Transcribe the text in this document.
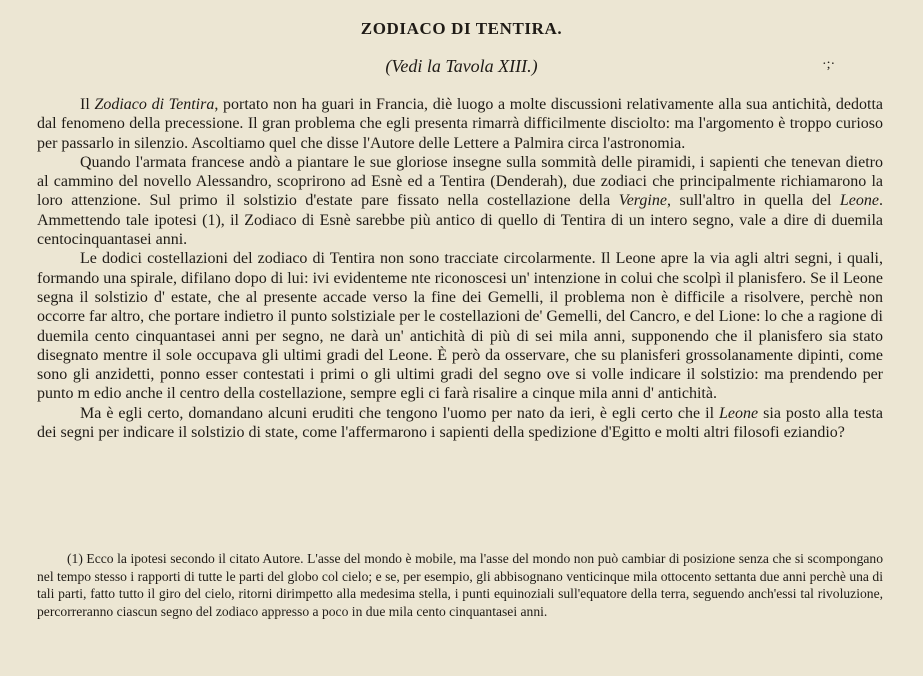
ZODIACO DI TENTIRA.
(Vedi la Tavola XIII.)	·;·

Il Zodiaco di Tentira, portato non ha guari in Francia, diè luogo a molte discussioni relativamente alla sua antichità, dedotta dal fenomeno della precessione. Il gran problema che egli presenta rimarrà difficilmente disciolto: ma l'argomento è troppo curioso per passarlo in silenzio. Ascoltiamo quel che disse l'Autore delle Lettere a Palmira circa l'astronomia.

Quando l'armata francese andò a piantare le sue gloriose insegne sulla sommità delle piramidi, i sapienti che tenevan dietro al cammino del novello Alessandro, scoprirono ad Esnè ed a Tentira (Denderah), due zodiaci che principalmente richiamarono la loro attenzione. Sul primo il solstizio d'estate pare fissato nella costellazione della Vergine, sull'altro in quella del Leone. Ammettendo tale ipotesi (1), il Zodiaco di Esnè sarebbe più antico di quello di Tentira di un intero segno, vale a dire di duemila centocinquantasei anni.

Le dodici costellazioni del zodiaco di Tentira non sono tracciate circolarmente. Il Leone apre la via agli altri segni, i quali, formando una spirale, difilano dopo di lui: ivi evidenteme nte riconoscesi un' intenzione in colui che scolpì il planisfero. Se il Leone segna il solstizio d' estate, che al presente accade verso la fine dei Gemelli, il problema non è difficile a risolvere, perchè non occorre far altro, che portare indietro il punto solstiziale per le costellazioni de' Gemelli, del Cancro, e del Lione: lo che a ragione di duemila cento cinquantasei anni per segno, ne darà un' antichità di più di sei mila anni, supponendo che il planisfero sia stato disegnato mentre il sole occupava gli ultimi gradi del Leone. È però da osservare, che su planisferi grossolanamente dipinti, come sono gli anzidetti, ponno esser contestati i primi o gli ultimi gradi del segno ove si volle indicare il solstizio: ma prendendo per punto m edio anche il centro della costellazione, sempre egli ci farà risalire a cinque mila anni d' antichità.

Ma è egli certo, domandano alcuni eruditi che tengono l'uomo per nato da ieri, è egli certo che il Leone sia posto alla testa dei segni per indicare il solstizio di state, come l'affermarono i sapienti della spedizione d'Egitto e molti altri filosofi eziandio?

(1) Ecco la ipotesi secondo il citato Autore. L'asse del mondo è mobile, ma l'asse del mondo non può cambiar di posizione senza che si scompongano nel tempo stesso i rapporti di tutte le parti del globo col cielo; e se, per esempio, gli abbisognano venticinque mila ottocento settanta due anni perchè una di tali parti, fatto tutto il giro del cielo, ritorni dirimpetto alla medesima stella, i punti equinoziali sull'equatore della terra, seguendo anch'essi tal rivoluzione, percorreranno ciascun segno del zodiaco appresso a poco in due mila cento cinquantasei anni.
